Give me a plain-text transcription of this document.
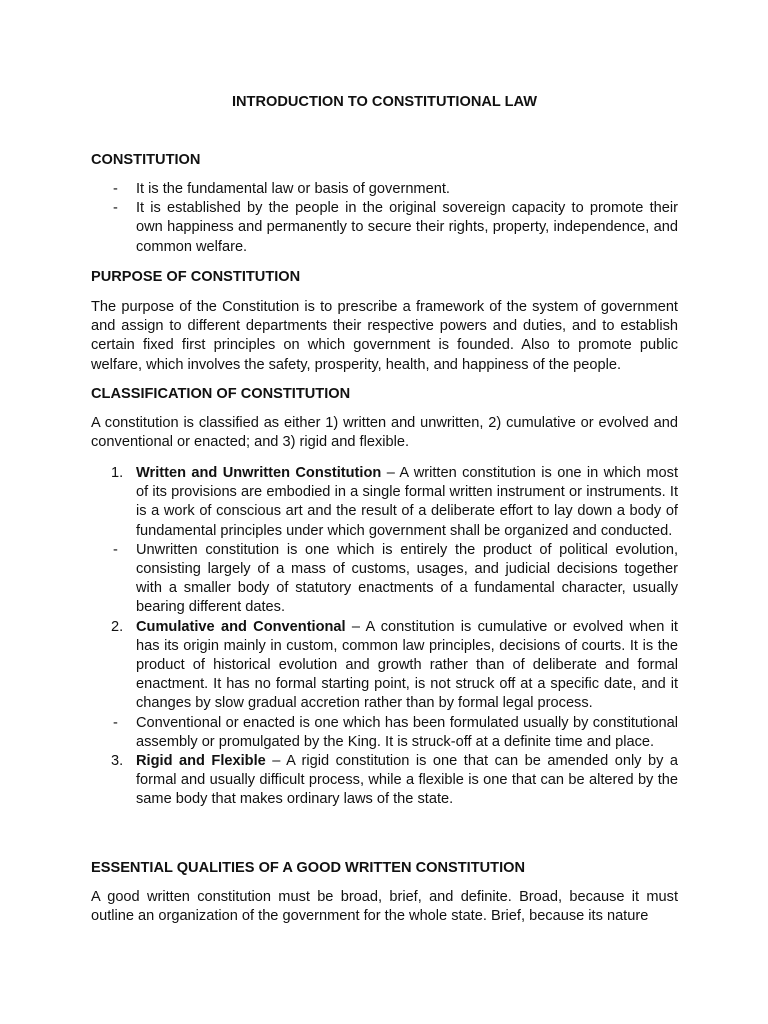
INTRODUCTION TO CONSTITUTIONAL LAW
CONSTITUTION
- It is the fundamental law or basis of government.
- It is established by the people in the original sovereign capacity to promote their own happiness and permanently to secure their rights, property, independence, and common welfare.
PURPOSE OF CONSTITUTION

The purpose of the Constitution is to prescribe a framework of the system of government and assign to different departments their respective powers and duties, and to establish certain fixed first principles on which government is founded. Also to promote public welfare, which involves the safety, prosperity, health, and happiness of the people.

CLASSIFICATION OF CONSTITUTION

A constitution is classified as either 1) written and unwritten, 2) cumulative or evolved and conventional or enacted; and 3) rigid and flexible.

1. Written and Unwritten Constitution – A written constitution is one in which most of its provisions are embodied in a single formal written instrument or instruments. It is a work of conscious art and the result of a deliberate effort to lay down a body of fundamental principles under which government shall be organized and conducted.
- Unwritten constitution is one which is entirely the product of political evolution, consisting largely of a mass of customs, usages, and judicial decisions together with a smaller body of statutory enactments of a fundamental character, usually bearing different dates.
2. Cumulative and Conventional – A constitution is cumulative or evolved when it has its origin mainly in custom, common law principles, decisions of courts. It is the product of historical evolution and growth rather than of deliberate and formal enactment. It has no formal starting point, is not struck off at a specific date, and it changes by slow gradual accretion rather than by formal legal process.
- Conventional or enacted is one which has been formulated usually by constitutional assembly or promulgated by the King. It is struck-off at a definite time and place.
3. Rigid and Flexible – A rigid constitution is one that can be amended only by a formal and usually difficult process, while a flexible is one that can be altered by the same body that makes ordinary laws of the state.
ESSENTIAL QUALITIES OF A GOOD WRITTEN CONSTITUTION

A good written constitution must be broad, brief, and definite. Broad, because it must outline an organization of the government for the whole state. Brief, because its nature
